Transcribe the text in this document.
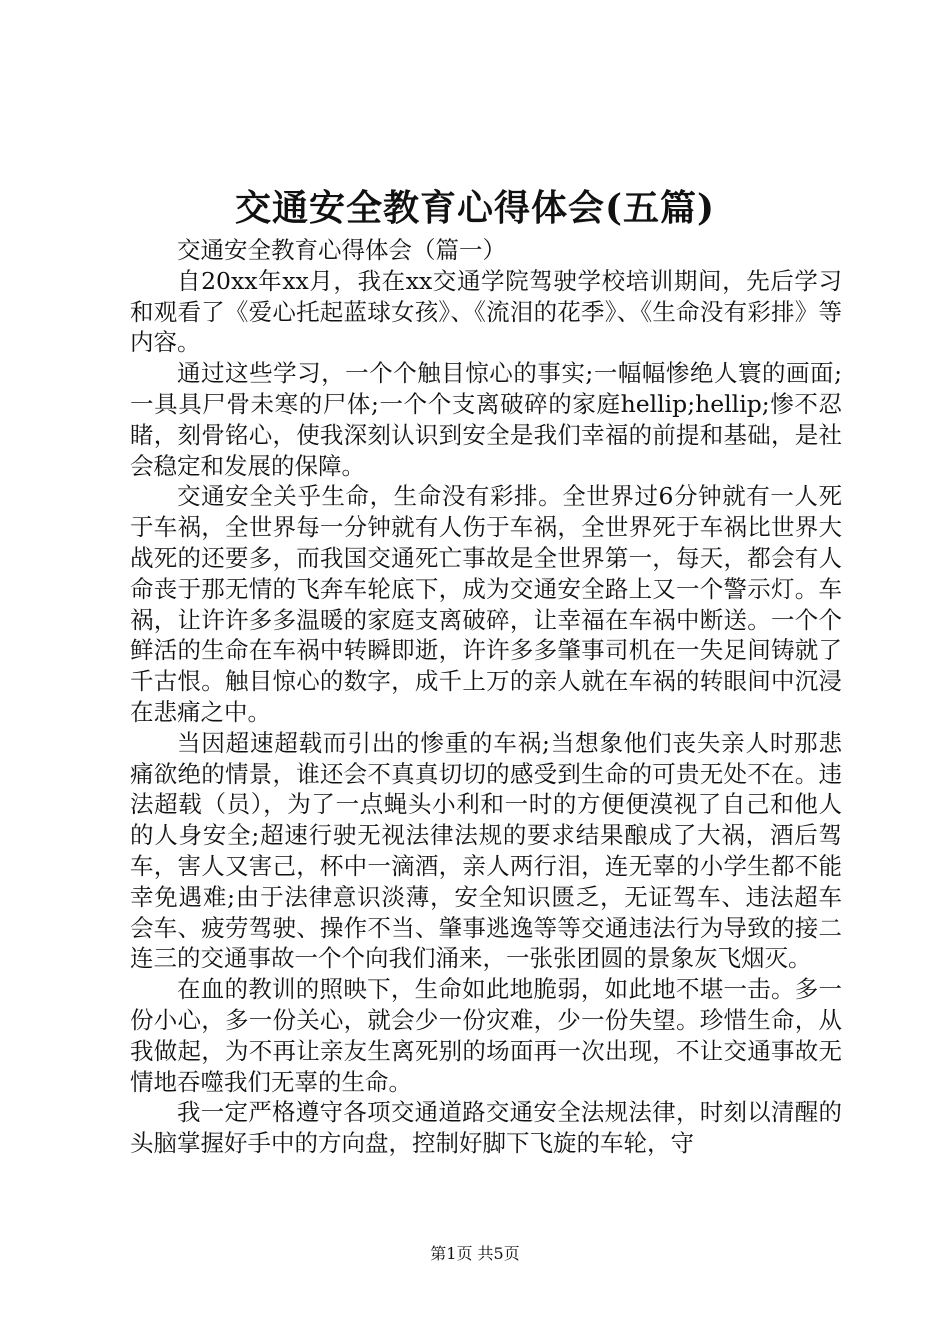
交通安全教育心得体会(五篇)

交通安全教育心得体会（篇一）

自20xx年xx月，我在xx交通学院驾驶学校培训期间，先后学习和观看了《爱心托起蓝球女孩》、《流泪的花季》、《生命没有彩排》等内容。

通过这些学习，一个个触目惊心的事实;一幅幅惨绝人寰的画面;一具具尸骨未寒的尸体;一个个支离破碎的家庭hellip;hellip;惨不忍睹，刻骨铭心，使我深刻认识到安全是我们幸福的前提和基础，是社会稳定和发展的保障。

交通安全关乎生命，生命没有彩排。全世界过6分钟就有一人死于车祸，全世界每一分钟就有人伤于车祸，全世界死于车祸比世界大战死的还要多，而我国交通死亡事故是全世界第一，每天，都会有人命丧于那无情的飞奔车轮底下，成为交通安全路上又一个警示灯。车祸，让许许多多温暖的家庭支离破碎，让幸福在车祸中断送。一个个鲜活的生命在车祸中转瞬即逝，许许多多肇事司机在一失足间铸就了千古恨。触目惊心的数字，成千上万的亲人就在车祸的转眼间中沉浸在悲痛之中。

当因超速超载而引出的惨重的车祸;当想象他们丧失亲人时那悲痛欲绝的情景，谁还会不真真切切的感受到生命的可贵无处不在。违法超载（员），为了一点蝇头小利和一时的方便便漠视了自己和他人的人身安全;超速行驶无视法律法规的要求结果酿成了大祸，酒后驾车，害人又害己，杯中一滴酒，亲人两行泪，连无辜的小学生都不能幸免遇难;由于法律意识淡薄，安全知识匮乏，无证驾车、违法超车会车、疲劳驾驶、操作不当、肇事逃逸等等交通违法行为导致的接二连三的交通事故一个个向我们涌来，一张张团圆的景象灰飞烟灭。

在血的教训的照映下，生命如此地脆弱，如此地不堪一击。多一份小心，多一份关心，就会少一份灾难，少一份失望。珍惜生命，从我做起，为不再让亲友生离死别的场面再一次出现，不让交通事故无情地吞噬我们无辜的生命。

我一定严格遵守各项交通道路交通安全法规法律，时刻以清醒的头脑掌握好手中的方向盘，控制好脚下飞旋的车轮，守

第1页 共5页
